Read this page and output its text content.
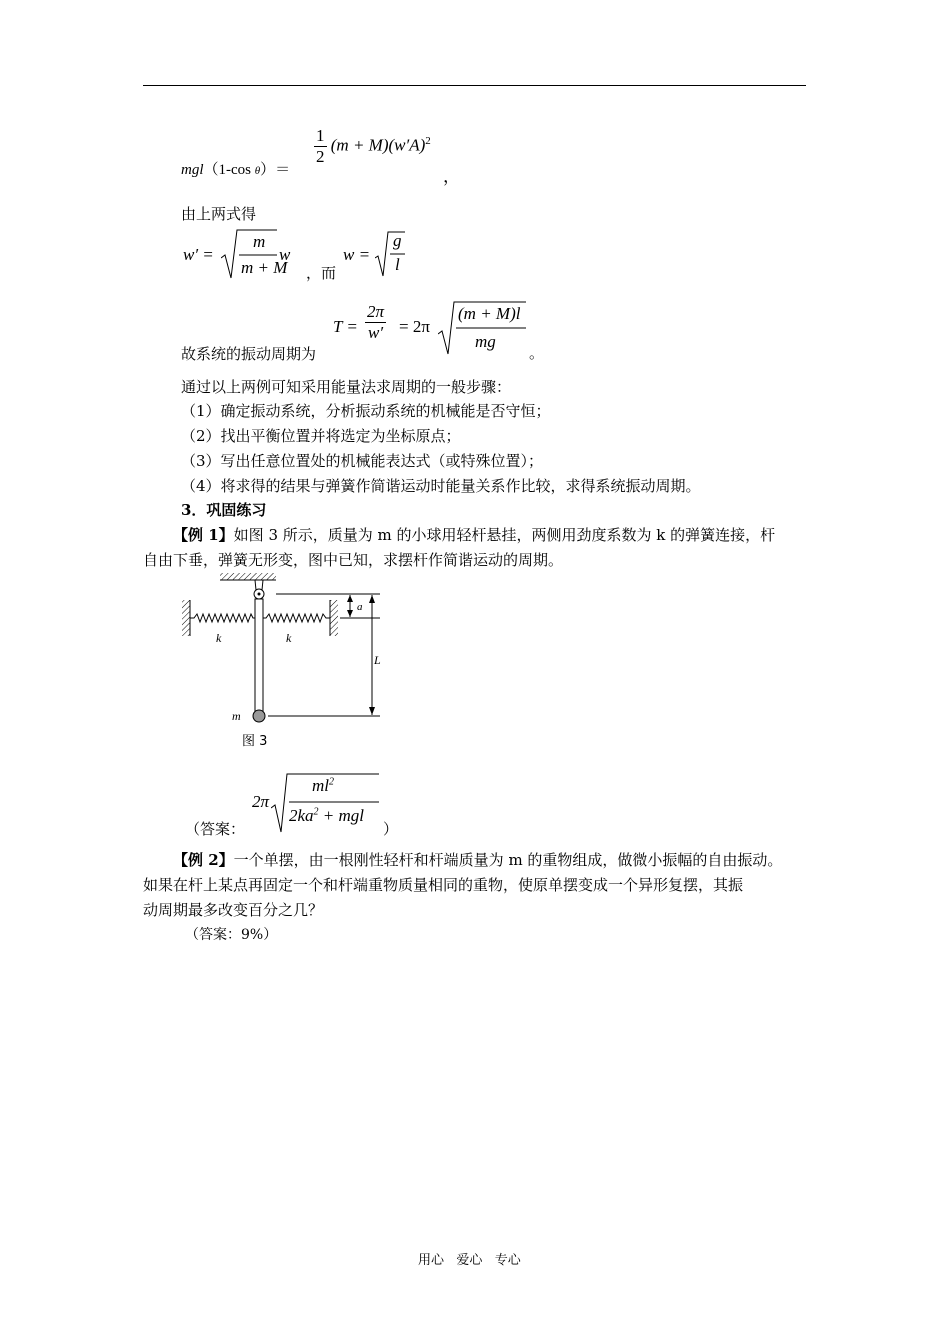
mgl（1-cos θ）＝
$\frac{1}{2} (m + M)(w'A)^2$
，
由上两式得
w′ =
m
m + M
w
，而
w =
g
l
故系统的振动周期为
$T = \frac{2\pi}{w'} = 2\pi$
(m + M)l
mg
。
通过以上两例可知采用能量法求周期的一般步骤：
（1）确定振动系统，分析振动系统的机械能是否守恒；
（2）找出平衡位置并将选定为坐标原点；
（3）写出任意位置处的机械能表达式（或特殊位置）；
（4）将求得的结果与弹簧作简谐运动时能量关系作比较，求得系统振动周期。
3．巩固练习
【例 1】如图 3 所示，质量为 m 的小球用轻杆悬挂，两侧用劲度系数为 k 的弹簧连接，杆
自由下垂，弹簧无形变，图中已知，求摆杆作简谐运动的周期。
a
L
k	k
m
图 3
（答案：
2π
$ml^2$
$2ka^2$ + mgl
）
【例 2】一个单摆，由一根刚性轻杆和杆端质量为 m 的重物组成，做微小振幅的自由振动。
如果在杆上某点再固定一个和杆端重物质量相同的重物，使原单摆变成一个异形复摆，其振
动周期最多改变百分之几？
（答案：9%）
用心   爱心   专心
